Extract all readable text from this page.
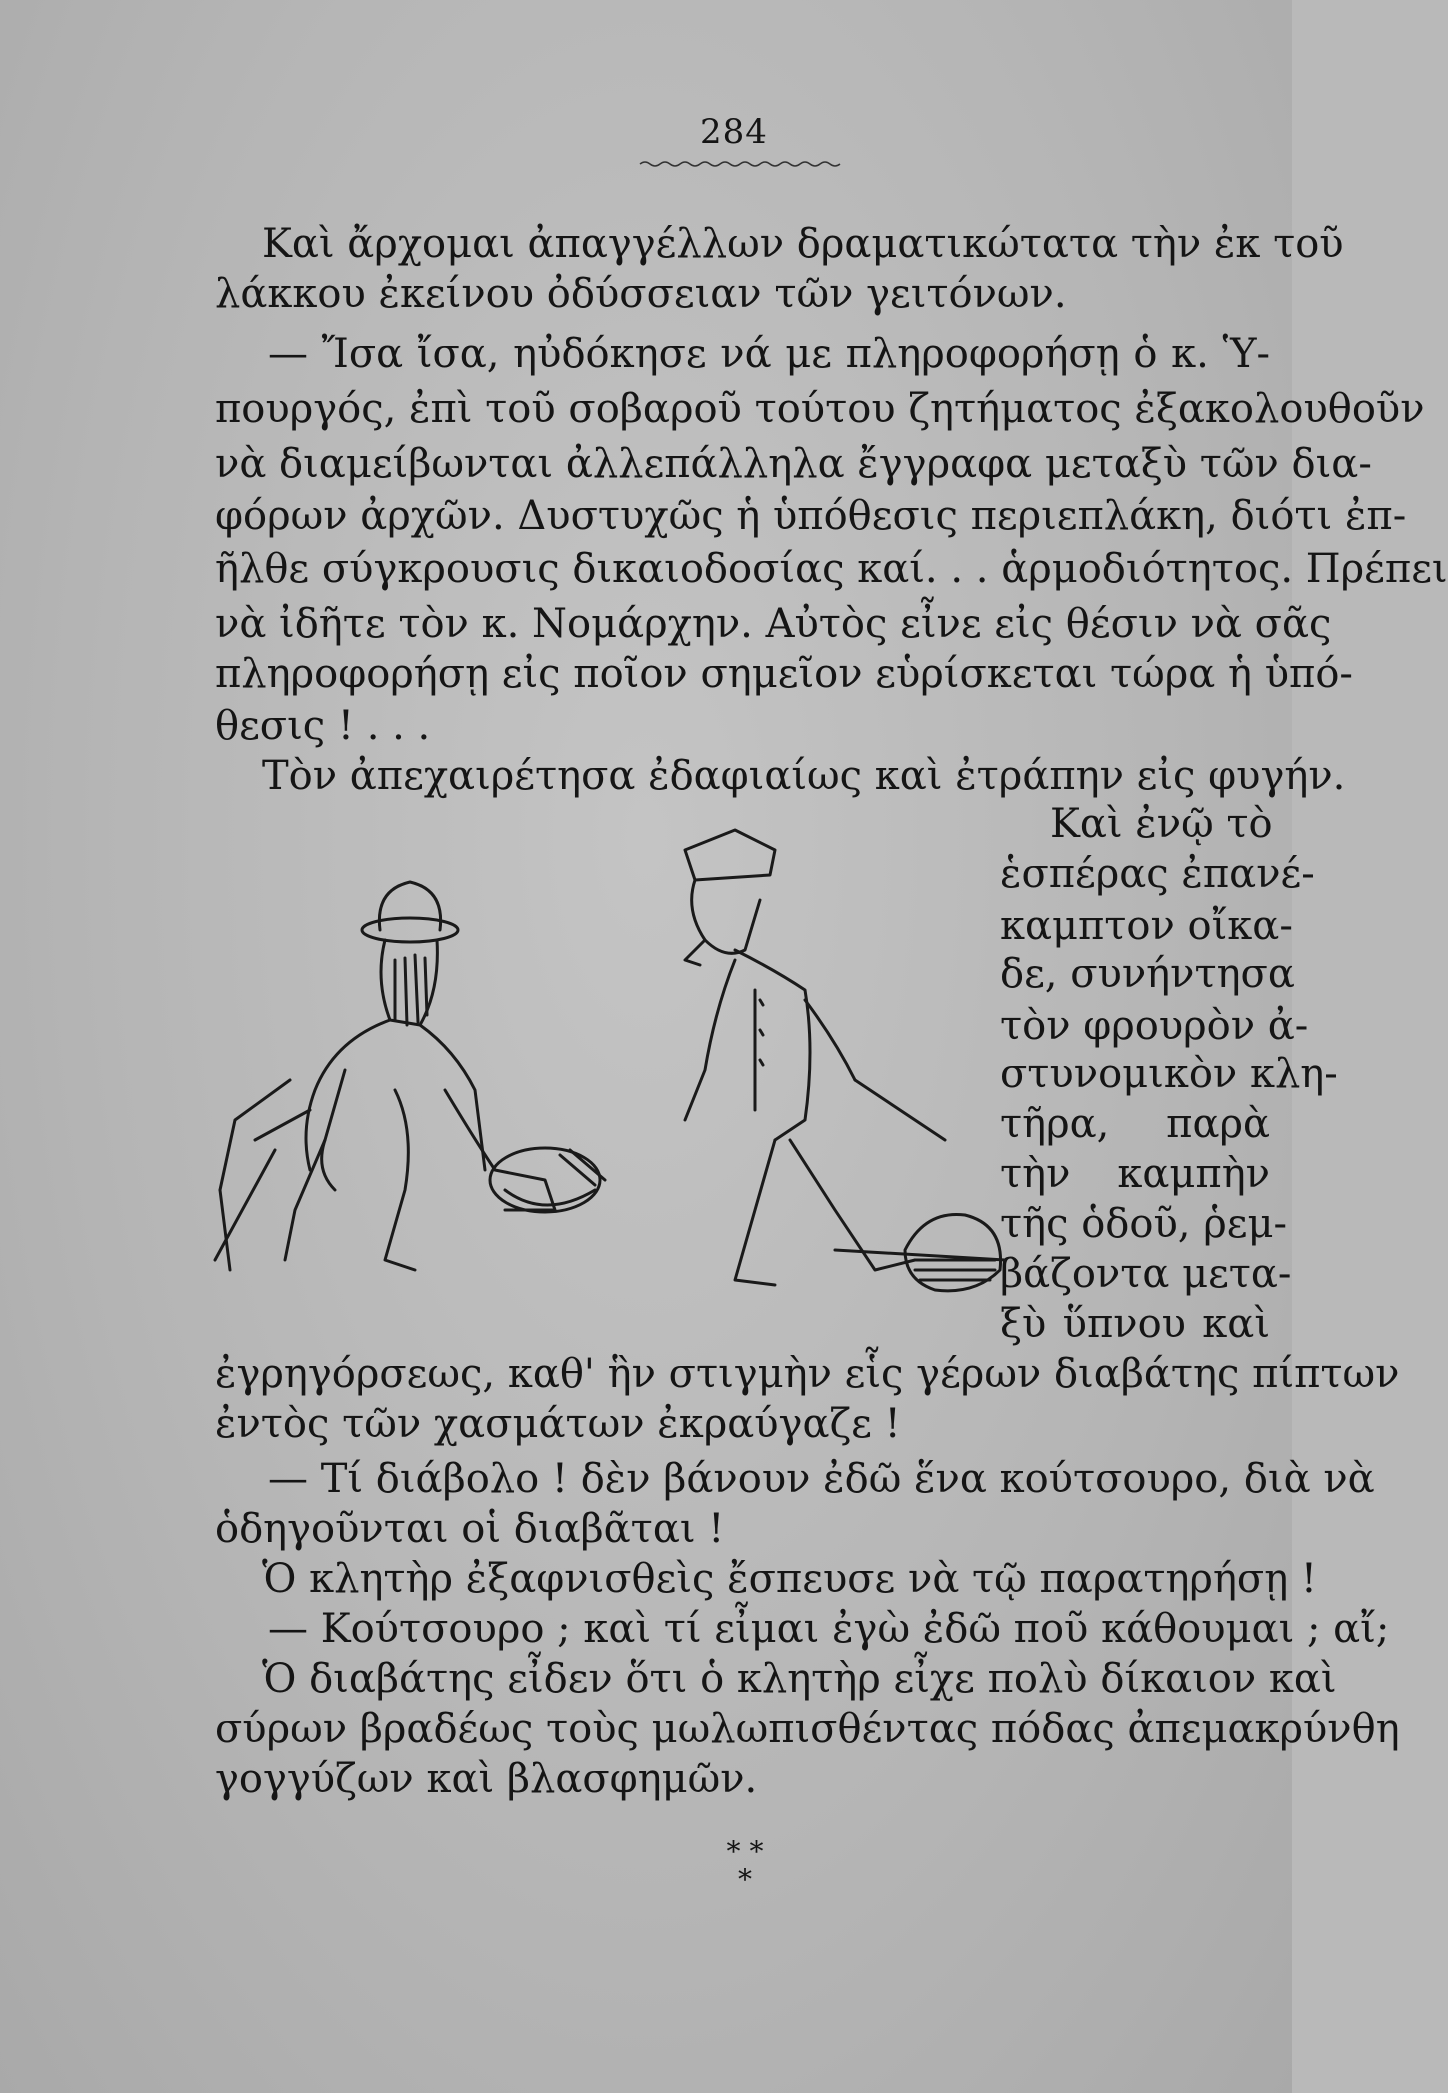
284
Καὶ ἄρχομαι ἀπαγγέλλων δραματικώτατα τὴν ἐκ τοῦ
λάκκου ἐκείνου ὀδύσσειαν τῶν γειτόνων.
— Ἴσα ἴσα, ηὐδόκησε νά με πληροφορήσῃ ὁ κ. Ὑ-
πουργός, ἐπὶ τοῦ σοβαροῦ τούτου ζητήματος ἐξακολουθοῦν
νὰ διαμείβωνται ἀλλεπάλληλα ἔγγραφα μεταξὺ τῶν δια-
φόρων ἀρχῶν. Δυστυχῶς ἡ ὑπόθεσις περιεπλάκη, διότι ἐπ-
ῆλθε σύγκρουσις δικαιοδοσίας καί. . . ἁρμοδιότητος. Πρέπει
νὰ ἰδῆτε τὸν κ. Νομάρχην. Αὐτὸς εἶνε εἰς θέσιν νὰ σᾶς
πληροφορήσῃ εἰς ποῖον σημεῖον εὑρίσκεται τώρα ἡ ὑπό-
θεσις ! . . .
Τὸν ἀπεχαιρέτησα ἐδαφιαίως καὶ ἐτράπην εἰς φυγήν.
Καὶ ἐνῷ τὸ
ἑσπέρας ἐπανέ-
καμπτον οἴκα-
δε, συνήντησα
τὸν φρουρὸν ἀ-
στυνομικὸν κλη-
τῆρα, παρὰ
τὴν καμπὴν
τῆς ὁδοῦ, ῥεμ-
βάζοντα μετα-
ξὺ ὕπνου καὶ
ἐγρηγόρσεως, καθ' ἣν στιγμὴν εἷς γέρων διαβάτης πίπτων
ἐντὸς τῶν χασμάτων ἐκραύγαζε !
— Τί διάβολο ! δὲν βάνουν ἐδῶ ἕνα κούτσουρο, διὰ νὰ
ὁδηγοῦνται οἱ διαβᾶται !
Ὁ κλητὴρ ἐξαφνισθεὶς ἔσπευσε νὰ τῷ παρατηρήσῃ !
— Κούτσουρο ; καὶ τί εἶμαι ἐγὼ ἐδῶ ποῦ κάθουμαι ; αἴ;
Ὁ διαβάτης εἶδεν ὅτι ὁ κλητὴρ εἶχε πολὺ δίκαιον καὶ
σύρων βραδέως τοὺς μωλωπισθέντας πόδας ἀπεμακρύνθη
γογγύζων καὶ βλασφημῶν.
* *
*
